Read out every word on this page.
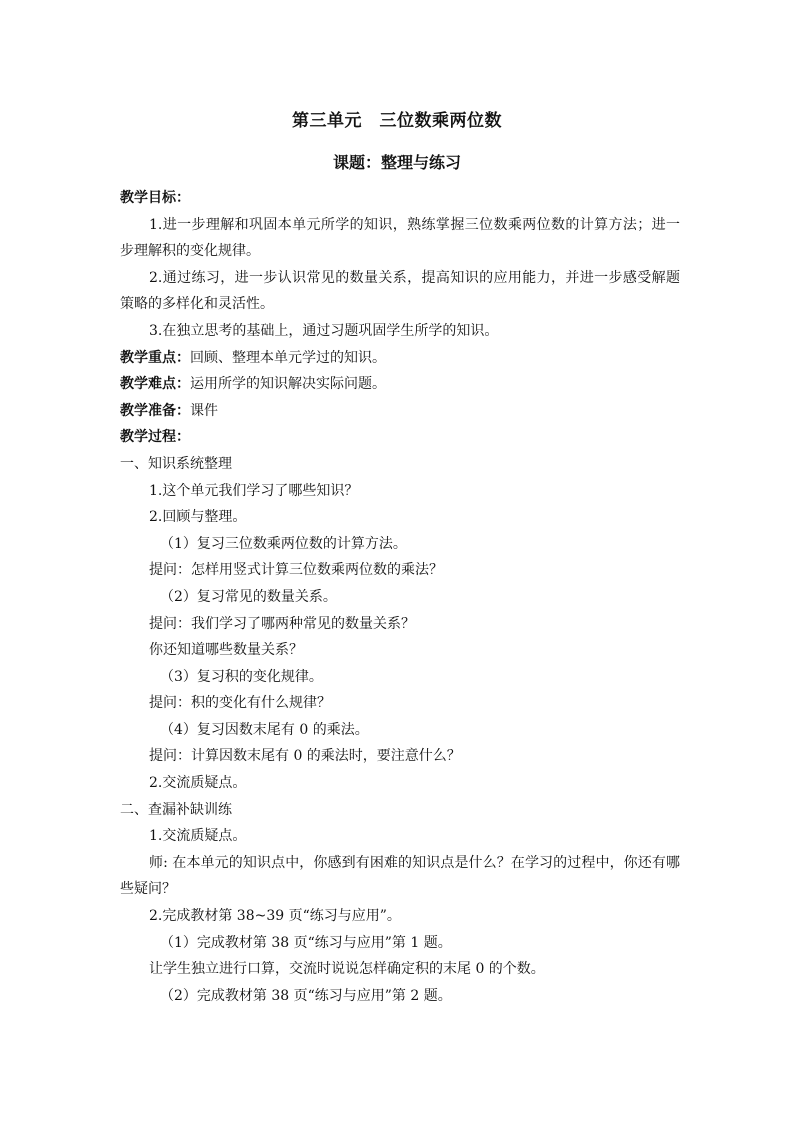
第三单元　三位数乘两位数
课题：整理与练习

教学目标：

1.进一步理解和巩固本单元所学的知识，熟练掌握三位数乘两位数的计算方法；进一步理解积的变化规律。

2.通过练习，进一步认识常见的数量关系，提高知识的应用能力，并进一步感受解题策略的多样化和灵活性。

3.在独立思考的基础上，通过习题巩固学生所学的知识。

教学重点：回顾、整理本单元学过的知识。

教学难点：运用所学的知识解决实际问题。

教学准备：课件

教学过程：

一、知识系统整理

1.这个单元我们学习了哪些知识？

2.回顾与整理。

（1）复习三位数乘两位数的计算方法。

提问：怎样用竖式计算三位数乘两位数的乘法？

（2）复习常见的数量关系。

提问：我们学习了哪两种常见的数量关系？

你还知道哪些数量关系？

（3）复习积的变化规律。

提问：积的变化有什么规律？

（4）复习因数末尾有 0 的乘法。

提问：计算因数末尾有 0 的乘法时，要注意什么？

2.交流质疑点。

二、查漏补缺训练

1.交流质疑点。

师: 在本单元的知识点中，你感到有困难的知识点是什么？在学习的过程中，你还有哪些疑问？

2.完成教材第 38~39 页“练习与应用”。

（1）完成教材第 38 页“练习与应用”第 1 题。

让学生独立进行口算，交流时说说怎样确定积的末尾 0 的个数。

（2）完成教材第 38 页“练习与应用”第 2 题。
